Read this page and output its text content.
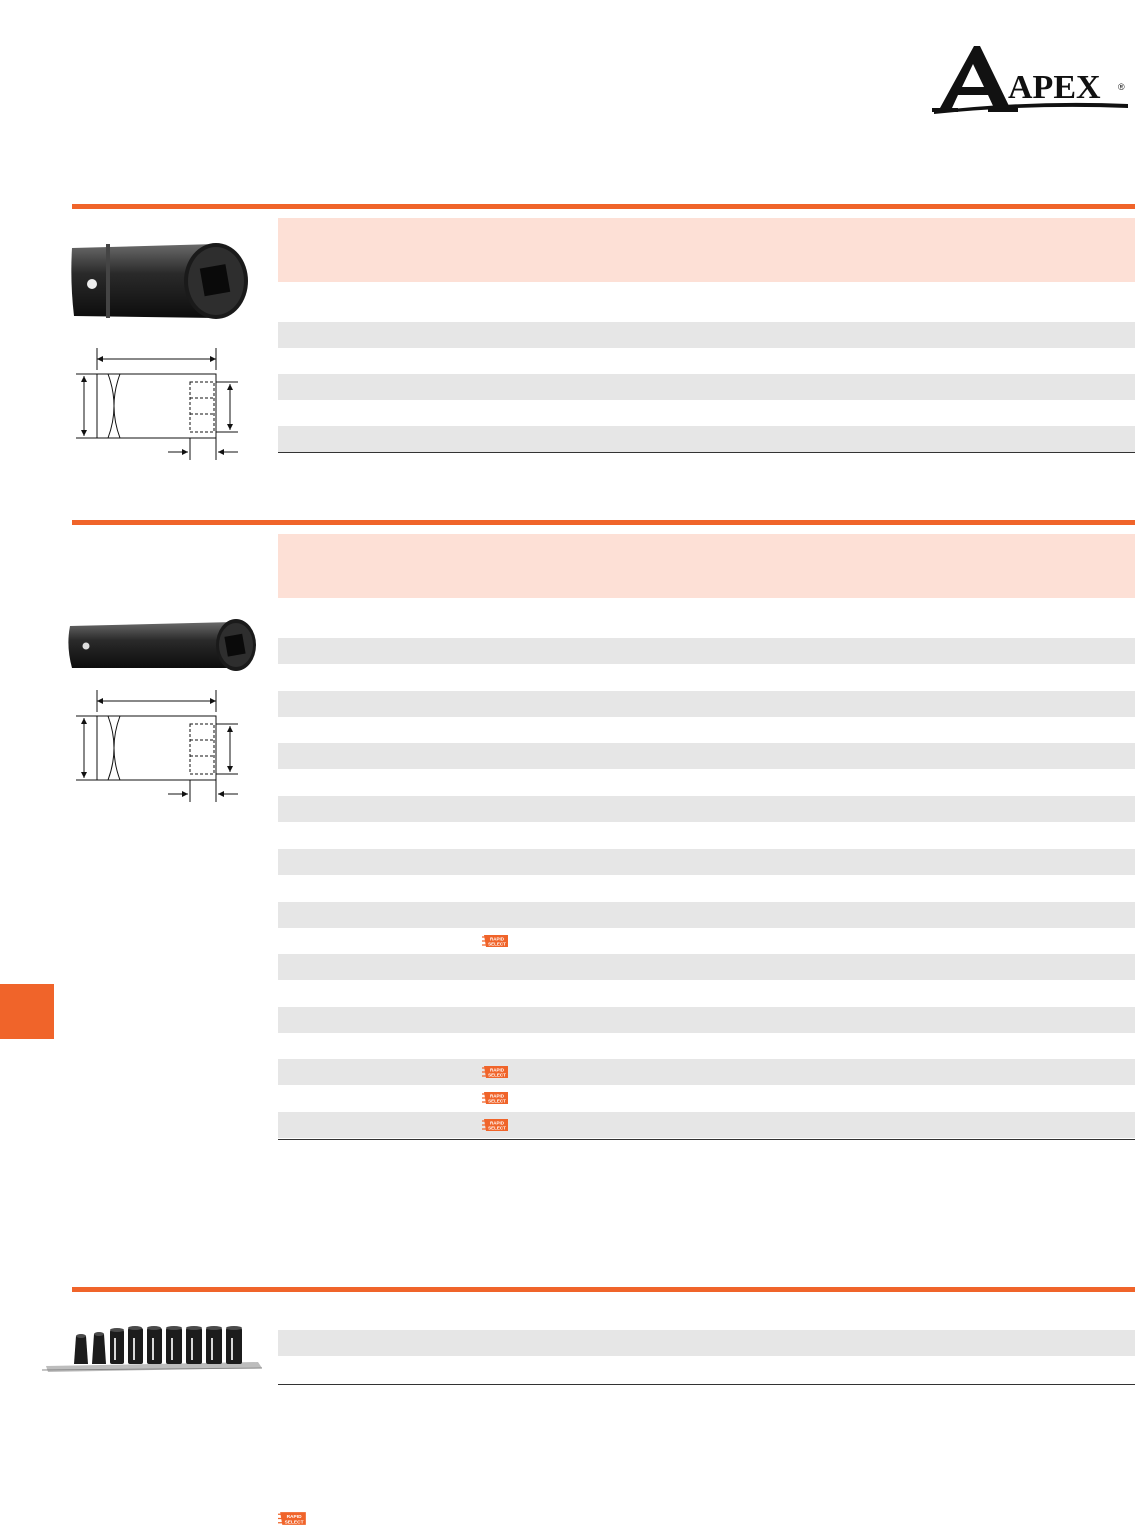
APEX ®
RAPID
SELECT
RAPID
SELECT
RAPID
SELECT
RAPID
SELECT
RAPID
SELECT
